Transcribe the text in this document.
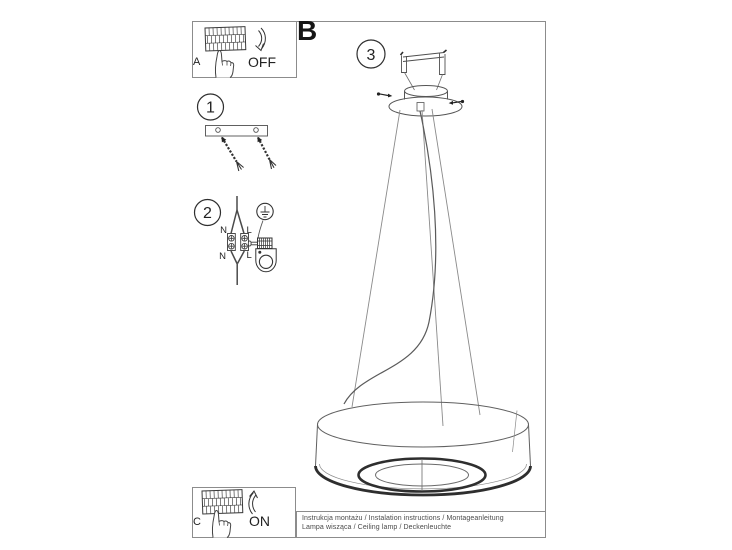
1
2
N L
N L
3
B
A	OFF
C	ON	Instrukcja montażu / Instalation instructions / Montageanleitung
Lampa wisząca / Ceiling lamp / Deckenleuchte
